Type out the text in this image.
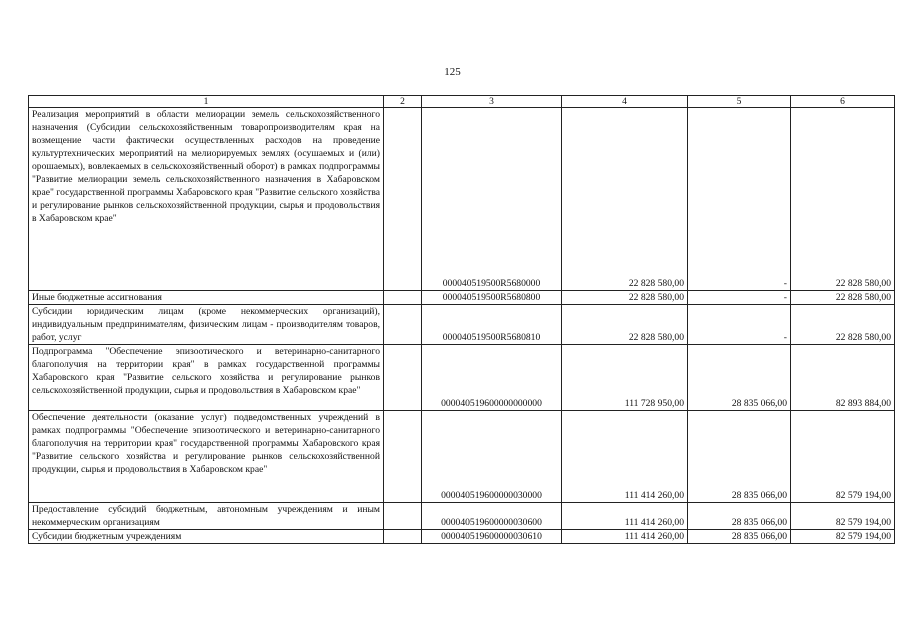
125
1	2	3	4	5	6
Реализация мероприятий в области мелиорации земель сельскохозяйственного назначения (Субсидии сельскохозяйственным товаропроизводителям края на возмещение части фактически осуществленных расходов на проведение культуртехнических мероприятий на мелиорируемых землях (осушаемых и (или) орошаемых), вовлекаемых в сельскохозяйственный оборот) в рамках подпрограммы "Развитие мелиорации земель сельскохозяйственного назначения в Хабаровском крае" государственной программы Хабаровского края "Развитие сельского хозяйства и регулирование рынков сельскохозяйственной продукции, сырья и продовольствия в Хабаровском крае"		000040519500R5680000	22 828 580,00	-	22 828 580,00
Иные бюджетные ассигнования		000040519500R5680800	22 828 580,00	-	22 828 580,00
Субсидии юридическим лицам (кроме некоммерческих организаций), индивидуальным предпринимателям, физическим лицам - производителям товаров, работ, услуг		000040519500R5680810	22 828 580,00	-	22 828 580,00
Подпрограмма "Обеспечение эпизоотического и ветеринарно-санитарного благополучия на территории края" в рамках государственной программы Хабаровского края "Развитие сельского хозяйства и регулирование рынков сельскохозяйственной продукции, сырья и продовольствия в Хабаровском крае"		000040519600000000000	111 728 950,00	28 835 066,00	82 893 884,00
Обеспечение деятельности (оказание услуг) подведомственных учреждений в рамках подпрограммы "Обеспечение эпизоотического и ветеринарно-санитарного благополучия на территории края" государственной программы Хабаровского края "Развитие сельского хозяйства и регулирование рынков сельскохозяйственной продукции, сырья и продовольствия в Хабаровском крае"		000040519600000030000	111 414 260,00	28 835 066,00	82 579 194,00
Предоставление субсидий бюджетным, автономным учреждениям и иным некоммерческим организациям		000040519600000030600	111 414 260,00	28 835 066,00	82 579 194,00
Субсидии бюджетным учреждениям		000040519600000030610	111 414 260,00	28 835 066,00	82 579 194,00
